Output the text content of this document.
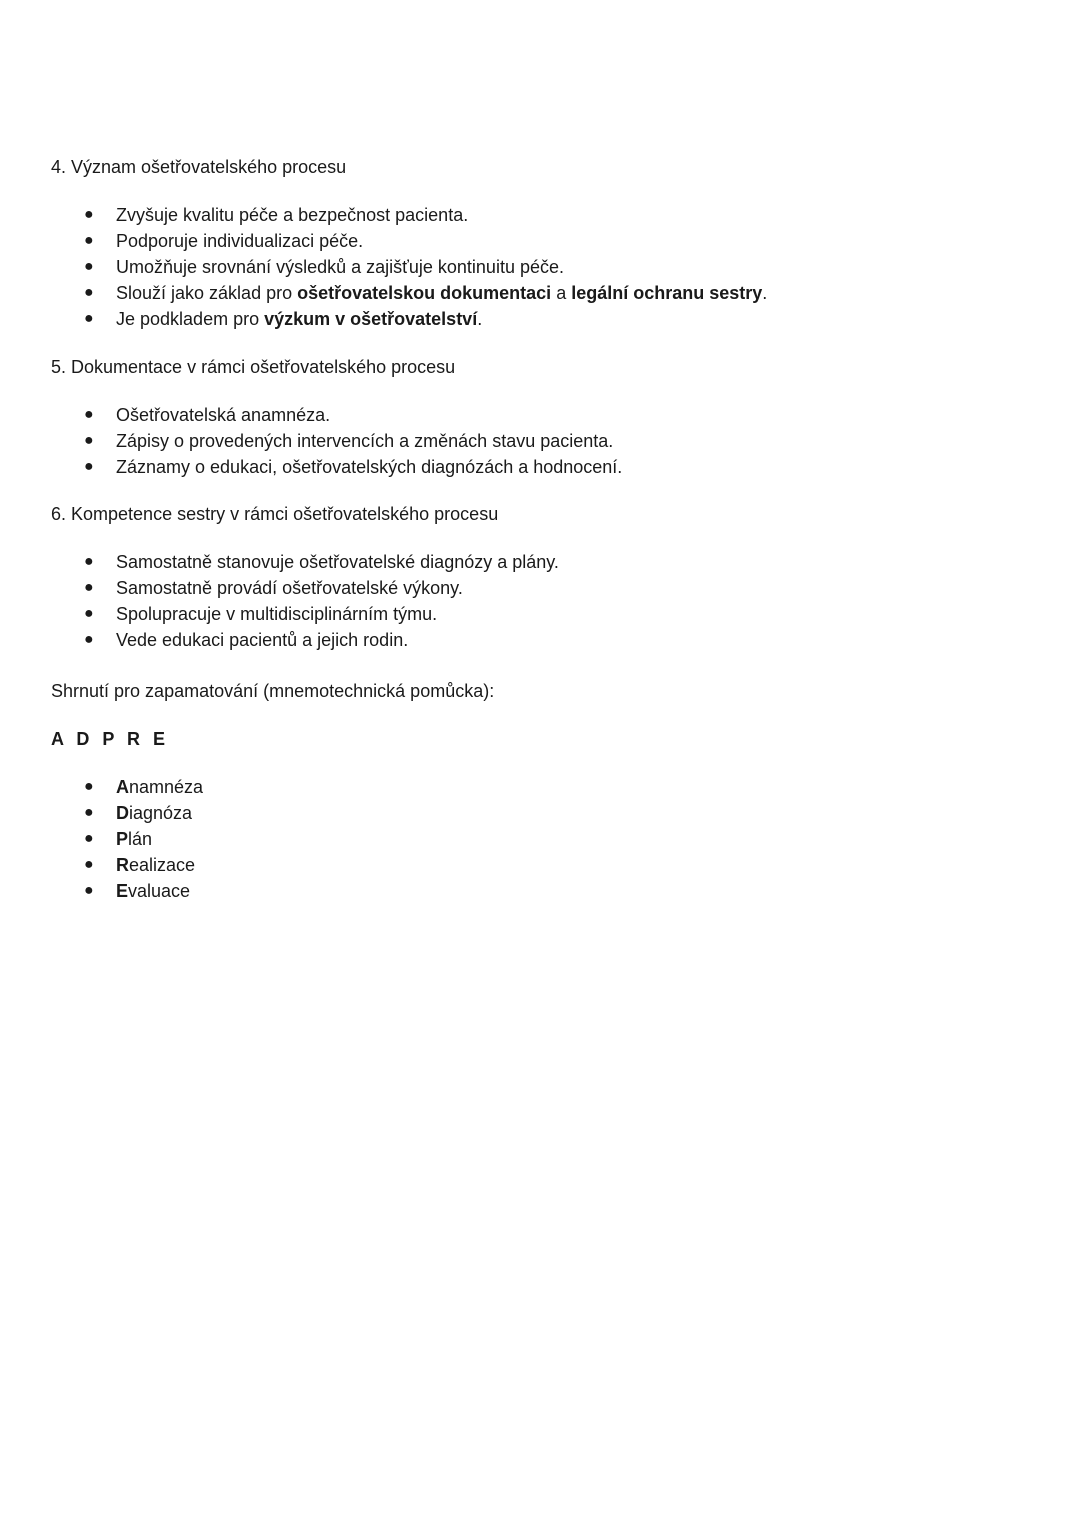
4. Význam ošetřovatelského procesu
● Zvyšuje kvalitu péče a bezpečnost pacienta.
● Podporuje individualizaci péče.
● Umožňuje srovnání výsledků a zajišťuje kontinuitu péče.
● Slouží jako základ pro ošetřovatelskou dokumentaci a legální ochranu sestry.
● Je podkladem pro výzkum v ošetřovatelství.
5. Dokumentace v rámci ošetřovatelského procesu
● Ošetřovatelská anamnéza.
● Zápisy o provedených intervencích a změnách stavu pacienta.
● Záznamy o edukaci, ošetřovatelských diagnózách a hodnocení.
6. Kompetence sestry v rámci ošetřovatelského procesu
● Samostatně stanovuje ošetřovatelské diagnózy a plány.
● Samostatně provádí ošetřovatelské výkony.
● Spolupracuje v multidisciplinárním týmu.
● Vede edukaci pacientů a jejich rodin.

Shrnutí pro zapamatování (mnemotechnická pomůcka):

A D P R E

● Anamnéza
● Diagnóza
● Plán
● Realizace
● Evaluace
